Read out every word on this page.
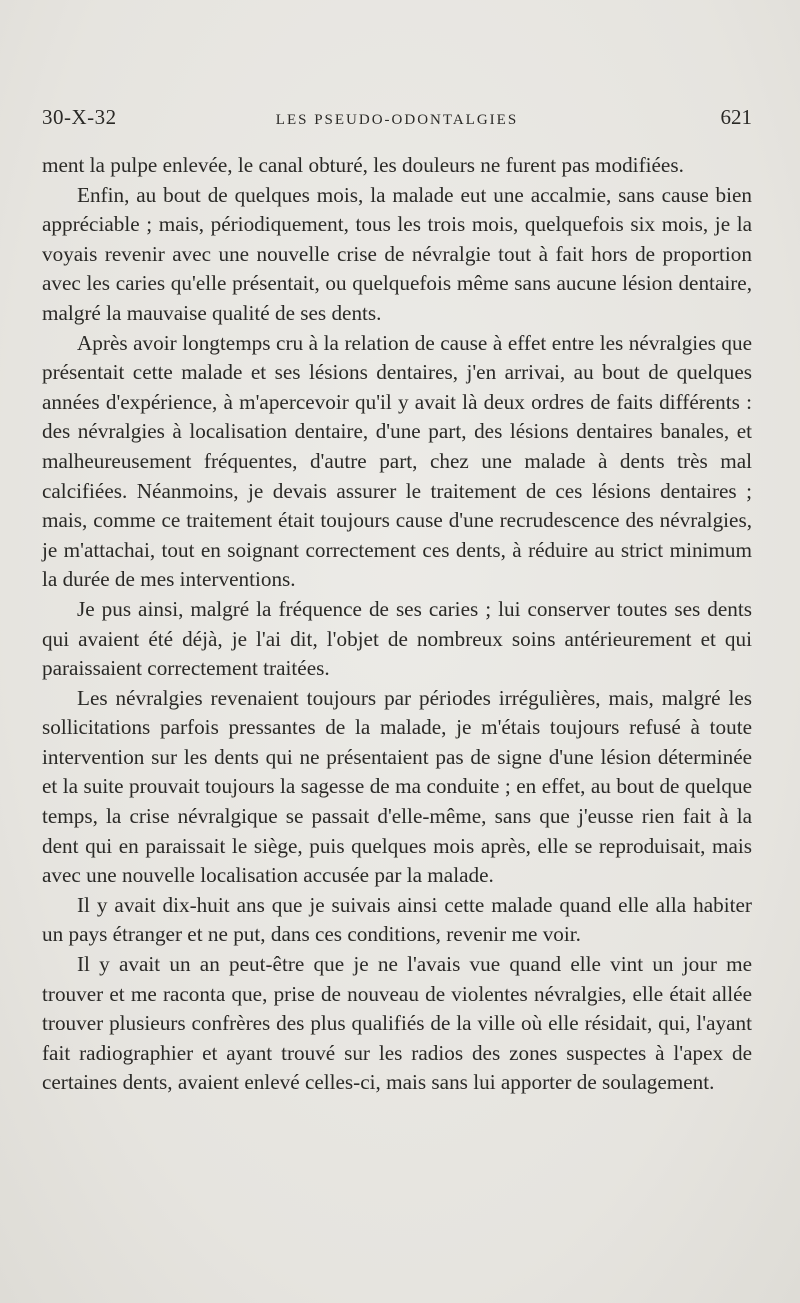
30-X-32	LES PSEUDO-ODONTALGIES	621

ment la pulpe enlevée, le canal obturé, les douleurs ne furent pas modifiées.

Enfin, au bout de quelques mois, la malade eut une accalmie, sans cause bien appréciable ; mais, périodiquement, tous les trois mois, quelquefois six mois, je la voyais revenir avec une nouvelle crise de névralgie tout à fait hors de proportion avec les caries qu'elle présentait, ou quelquefois même sans aucune lésion dentaire, malgré la mauvaise qualité de ses dents.

Après avoir longtemps cru à la relation de cause à effet entre les névralgies que présentait cette malade et ses lésions dentaires, j'en arrivai, au bout de quelques années d'expérience, à m'apercevoir qu'il y avait là deux ordres de faits différents : des névralgies à localisation dentaire, d'une part, des lésions dentaires banales, et malheureusement fréquentes, d'autre part, chez une malade à dents très mal calcifiées. Néanmoins, je devais assurer le traitement de ces lésions dentaires ; mais, comme ce traitement était toujours cause d'une recrudescence des névralgies, je m'attachai, tout en soignant correctement ces dents, à réduire au strict minimum la durée de mes interventions.

Je pus ainsi, malgré la fréquence de ses caries ; lui conserver toutes ses dents qui avaient été déjà, je l'ai dit, l'objet de nombreux soins antérieurement et qui paraissaient correctement traitées.

Les névralgies revenaient toujours par périodes irrégulières, mais, malgré les sollicitations parfois pressantes de la malade, je m'étais toujours refusé à toute intervention sur les dents qui ne présentaient pas de signe d'une lésion déterminée et la suite prouvait toujours la sagesse de ma conduite ; en effet, au bout de quelque temps, la crise névralgique se passait d'elle-même, sans que j'eusse rien fait à la dent qui en paraissait le siège, puis quelques mois après, elle se reproduisait, mais avec une nouvelle localisation accusée par la malade.

Il y avait dix-huit ans que je suivais ainsi cette malade quand elle alla habiter un pays étranger et ne put, dans ces conditions, revenir me voir.

Il y avait un an peut-être que je ne l'avais vue quand elle vint un jour me trouver et me raconta que, prise de nouveau de violentes névralgies, elle était allée trouver plusieurs confrères des plus qualifiés de la ville où elle résidait, qui, l'ayant fait radiographier et ayant trouvé sur les radios des zones suspectes à l'apex de certaines dents, avaient enlevé celles-ci, mais sans lui apporter de soulagement.
